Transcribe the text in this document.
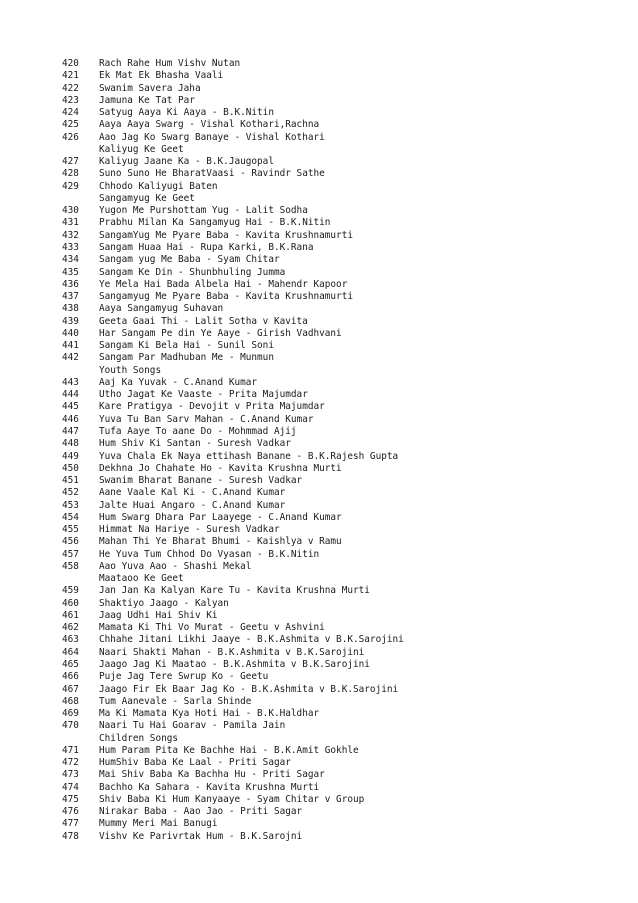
420	Rach Rahe Hum Vishv Nutan
421	Ek Mat Ek Bhasha Vaali
422	Swanim Savera Jaha
423	Jamuna Ke Tat Par
424	Satyug Aaya Ki Aaya - B.K.Nitin
425	Aaya Aaya Swarg - Vishal Kothari,Rachna
426	Aao Jag Ko Swarg Banaye - Vishal Kothari
Kaliyug Ke Geet
427	Kaliyug Jaane Ka - B.K.Jaugopal
428	Suno Suno He BharatVaasi - Ravindr Sathe
429	Chhodo Kaliyugi Baten
Sangamyug Ke Geet
430	Yugon Me Purshottam Yug - Lalit Sodha
431	Prabhu Milan Ka Sangamyug Hai - B.K.Nitin
432	SangamYug Me Pyare Baba - Kavita Krushnamurti
433	Sangam Huaa Hai - Rupa Karki, B.K.Rana
434	Sangam yug Me Baba - Syam Chitar
435	Sangam Ke Din - Shunbhuling Jumma
436	Ye Mela Hai Bada Albela Hai - Mahendr Kapoor
437	Sangamyug Me Pyare Baba - Kavita Krushnamurti
438	Aaya Sangamyug Suhavan
439	Geeta Gaai Thi - Lalit Sotha v Kavita
440	Har Sangam Pe din Ye Aaye - Girish Vadhvani
441	Sangam Ki Bela Hai - Sunil Soni
442	Sangam Par Madhuban Me - Munmun
Youth Songs
443	Aaj Ka Yuvak - C.Anand Kumar
444	Utho Jagat Ke Vaaste - Prita Majumdar
445	Kare Pratigya - Devojit v Prita Majumdar
446	Yuva Tu Ban Sarv Mahan - C.Anand Kumar
447	Tufa Aaye To aane Do - Mohmmad Ajij
448	Hum Shiv Ki Santan - Suresh Vadkar
449	Yuva Chala Ek Naya ettihash Banane - B.K.Rajesh Gupta
450	Dekhna Jo Chahate Ho - Kavita Krushna Murti
451	Swanim Bharat Banane - Suresh Vadkar
452	Aane Vaale Kal Ki - C.Anand Kumar
453	Jalte Huai Angaro - C.Anand Kumar
454	Hum Swarg Dhara Par Laayege - C.Anand Kumar
455	Himmat Na Hariye - Suresh Vadkar
456	Mahan Thi Ye Bharat Bhumi - Kaishlya v Ramu
457	He Yuva Tum Chhod Do Vyasan - B.K.Nitin
458	Aao Yuva Aao - Shashi Mekal
Maataoo Ke Geet
459	Jan Jan Ka Kalyan Kare Tu - Kavita Krushna Murti
460	Shaktiyo Jaago - Kalyan
461	Jaag Udhi Hai Shiv Ki
462	Mamata Ki Thi Vo Murat - Geetu v Ashvini
463	Chhahe Jitani Likhi Jaaye - B.K.Ashmita v B.K.Sarojini
464	Naari Shakti Mahan - B.K.Ashmita v B.K.Sarojini
465	Jaago Jag Ki Maatao - B.K.Ashmita v B.K.Sarojini
466	Puje Jag Tere Swrup Ko - Geetu
467	Jaago Fir Ek Baar Jag Ko - B.K.Ashmita v B.K.Sarojini
468	Tum Aanevale - Sarla Shinde
469	Ma Ki Mamata Kya Hoti Hai - B.K.Haldhar
470	Naari Tu Hai Goarav - Pamila Jain
Children Songs
471	Hum Param Pita Ke Bachhe Hai - B.K.Amit Gokhle
472	HumShiv Baba Ke Laal - Priti Sagar
473	Mai Shiv Baba Ka Bachha Hu - Priti Sagar
474	Bachho Ka Sahara - Kavita Krushna Murti
475	Shiv Baba Ki Hum Kanyaaye - Syam Chitar v Group
476	Nirakar Baba - Aao Jao - Priti Sagar
477	Mummy Meri Mai Banugi
478	Vishv Ke Parivrtak Hum - B.K.Sarojni
